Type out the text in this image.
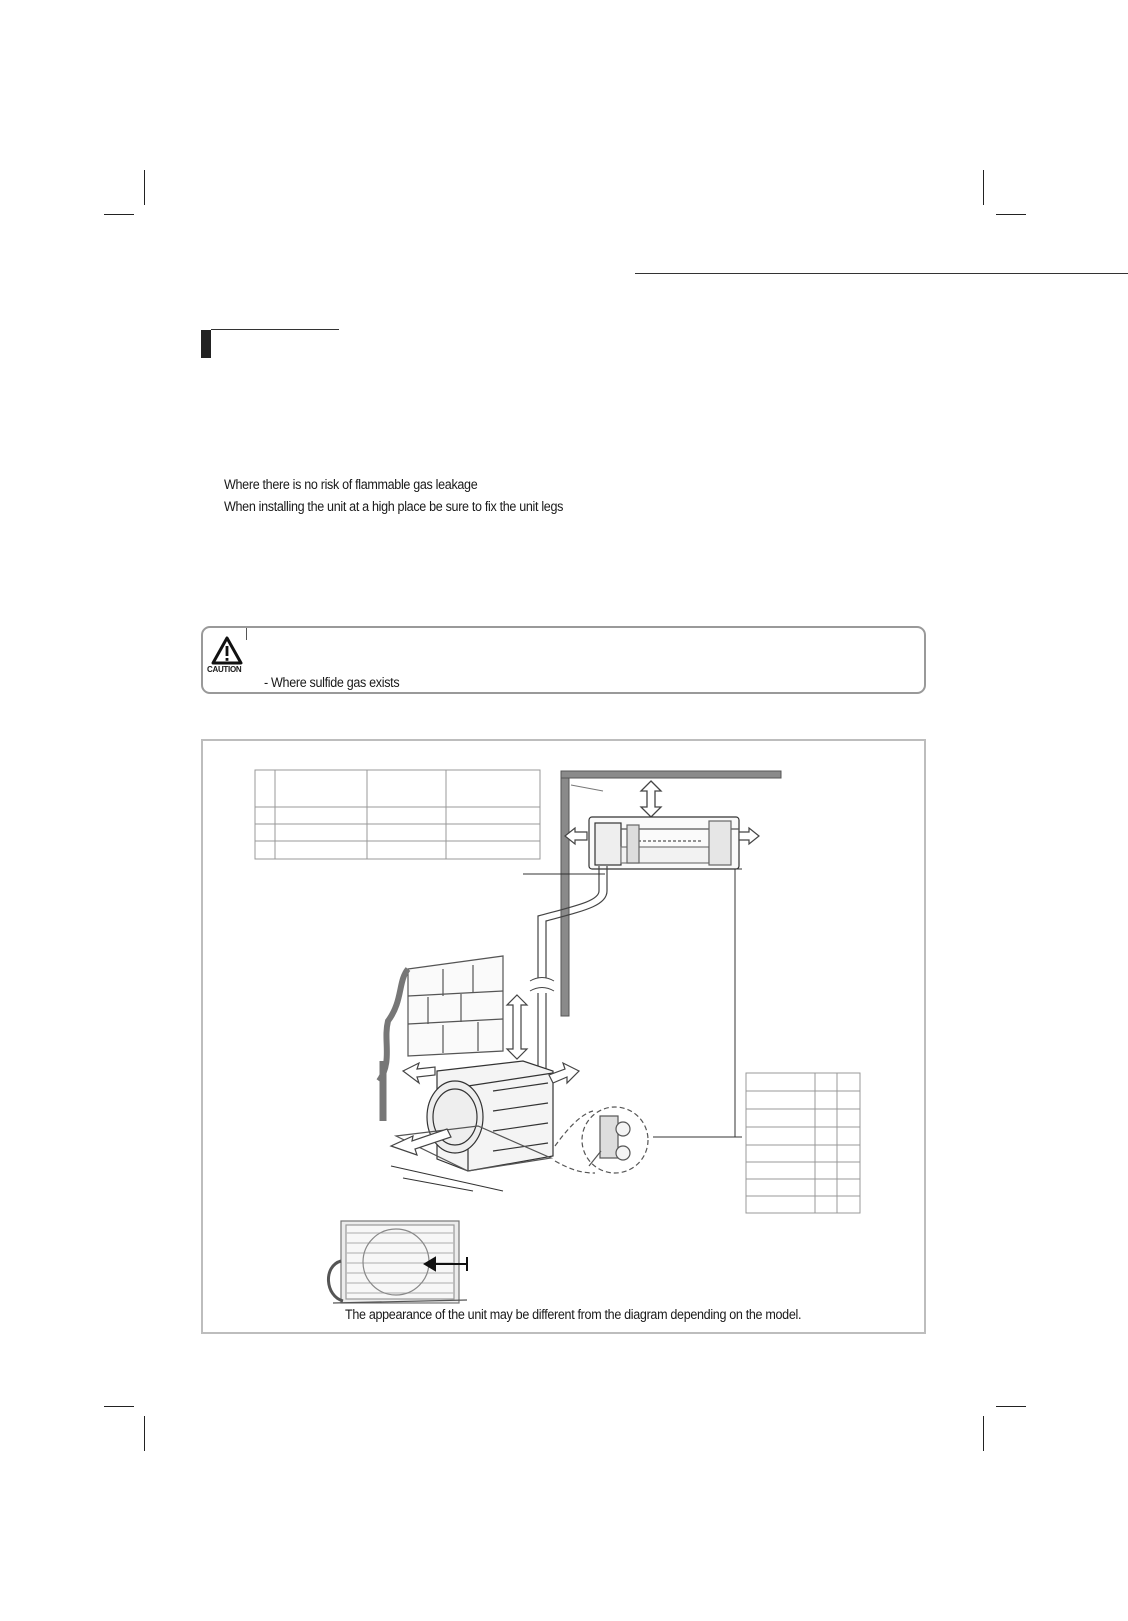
Where there is no risk of flammable gas leakage
When installing the unit at a high place be sure to fix the unit legs
CAUTION
- Where sulfide gas exists
The appearance of the unit may be different from the diagram depending on the model.
